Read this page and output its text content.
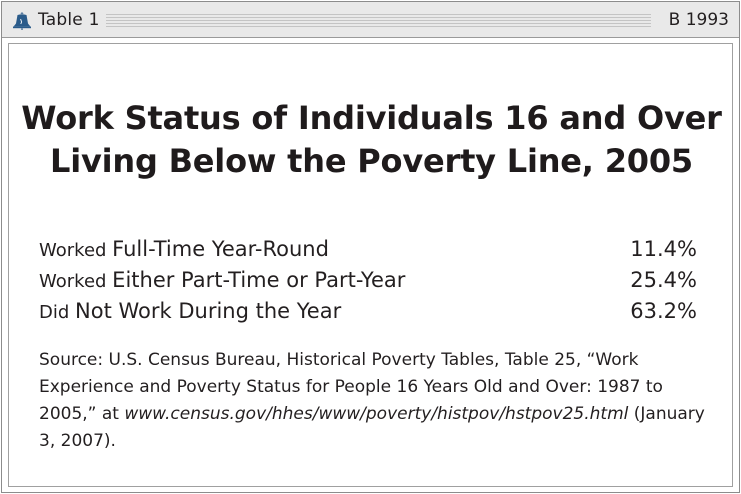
Table 1	B 1993
Work Status of Individuals 16 and Over
Living Below the Poverty Line, 2005
Worked Full-Time Year-Round	11.4%
Worked Either Part-Time or Part-Year	25.4%
Did Not Work During the Year	63.2%
Source: U.S. Census Bureau, Historical Poverty Tables, Table 25, “Work Experience and Poverty Status for People 16 Years Old and Over: 1987 to 2005,” at www.census.gov/hhes/www/poverty/histpov/hstpov25.html (January 3, 2007).
